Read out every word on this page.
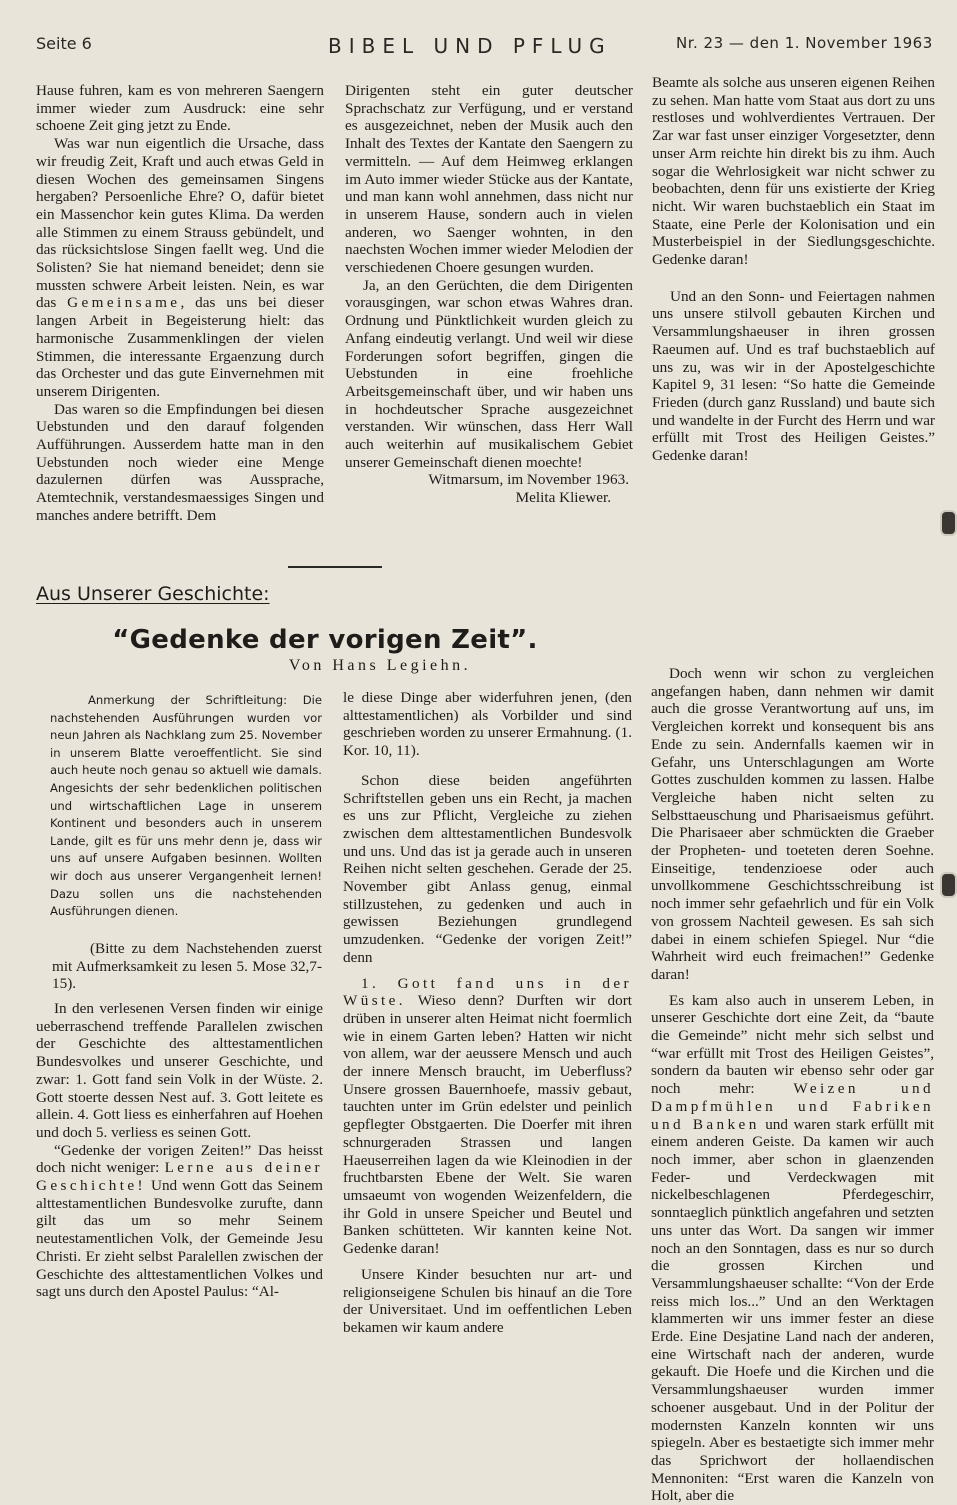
Seite 6	BIBEL UND PFLUG	Nr. 23 — den 1. November 1963

Hause fuhren, kam es von mehreren Saengern immer wieder zum Ausdruck: eine sehr schoene Zeit ging jetzt zu Ende.

Was war nun eigentlich die Ursache, dass wir freudig Zeit, Kraft und auch etwas Geld in diesen Wochen des gemeinsamen Singens hergaben? Persoenliche Ehre? O, dafür bietet ein Massenchor kein gutes Klima. Da werden alle Stimmen zu einem Strauss gebündelt, und das rücksichtslose Singen faellt weg. Und die Solisten? Sie hat niemand beneidet; denn sie mussten schwere Arbeit leisten. Nein, es war das Gemeinsame, das uns bei dieser langen Arbeit in Begeisterung hielt: das harmonische Zusammenklingen der vielen Stimmen, die interessante Ergaenzung durch das Orchester und das gute Einvernehmen mit unserem Dirigenten.

Das waren so die Empfindungen bei diesen Uebstunden und den darauf folgenden Aufführungen. Ausserdem hatte man in den Uebstunden noch wieder eine Menge dazulernen dürfen was Aussprache, Atemtechnik, verstandesmaessiges Singen und manches andere betrifft. Dem

Dirigenten steht ein guter deutscher Sprachschatz zur Verfügung, und er verstand es ausgezeichnet, neben der Musik auch den Inhalt des Textes der Kantate den Saengern zu vermitteln. — Auf dem Heimweg erklangen im Auto immer wieder Stücke aus der Kantate, und man kann wohl annehmen, dass nicht nur in unserem Hause, sondern auch in vielen anderen, wo Saenger wohnten, in den naechsten Wochen immer wieder Melodien der verschiedenen Choere gesungen wurden.

Ja, an den Gerüchten, die dem Dirigenten vorausgingen, war schon etwas Wahres dran. Ordnung und Pünktlichkeit wurden gleich zu Anfang eindeutig verlangt. Und weil wir diese Forderungen sofort begriffen, gingen die Uebstunden in eine froehliche Arbeitsgemeinschaft über, und wir haben uns in hochdeutscher Sprache ausgezeichnet verstanden. Wir wünschen, dass Herr Wall auch weiterhin auf musikalischem Gebiet unserer Gemeinschaft dienen moechte!

Witmarsum, im November 1963.

Melita Kliewer.

Beamte als solche aus unseren eigenen Reihen zu sehen. Man hatte vom Staat aus dort zu uns restloses und wohlverdientes Vertrauen. Der Zar war fast unser einziger Vorgesetzter, denn unser Arm reichte hin direkt bis zu ihm. Auch sogar die Wehrlosigkeit war nicht schwer zu beobachten, denn für uns existierte der Krieg nicht. Wir waren buchstaeblich ein Staat im Staate, eine Perle der Kolonisation und ein Musterbeispiel in der Siedlungsgeschichte. Gedenke daran!

Und an den Sonn- und Feiertagen nahmen uns unsere stilvoll gebauten Kirchen und Versammlungshaeuser in ihren grossen Raeumen auf. Und es traf buchstaeblich auf uns zu, was wir in der Apostelgeschichte Kapitel 9, 31 lesen: “So hatte die Gemeinde Frieden (durch ganz Russland) und baute sich und wandelte in der Furcht des Herrn und war erfüllt mit Trost des Heiligen Geistes.” Gedenke daran!

Aus Unserer Geschichte:
“Gedenke der vorigen Zeit”.
Von Hans Legiehn.
Anmerkung der Schriftleitung: Die nachstehenden Ausführungen wurden vor neun Jahren als Nachklang zum 25. November in unserem Blatte veroeffentlicht. Sie sind auch heute noch genau so aktuell wie damals. Angesichts der sehr bedenklichen politischen und wirtschaftlichen Lage in unserem Kontinent und besonders auch in unserem Lande, gilt es für uns mehr denn je, dass wir uns auf unsere Aufgaben besinnen. Wollten wir doch aus unserer Vergangenheit lernen! Dazu sollen uns die nachstehenden Ausführungen dienen.
(Bitte zu dem Nachstehenden zuerst mit Aufmerksamkeit zu lesen 5. Mose 32,7-15).

In den verlesenen Versen finden wir einige ueberraschend treffende Parallelen zwischen der Geschichte des alttestamentlichen Bundesvolkes und unserer Geschichte, und zwar: 1. Gott fand sein Volk in der Wüste. 2. Gott stoerte dessen Nest auf. 3. Gott leitete es allein. 4. Gott liess es einherfahren auf Hoehen und doch 5. verliess es seinen Gott.

“Gedenke der vorigen Zeiten!” Das heisst doch nicht weniger: Lerne aus deiner Geschichte! Und wenn Gott das Seinem alttestamentlichen Bundesvolke zurufte, dann gilt das um so mehr Seinem neutestamentlichen Volk, der Gemeinde Jesu Christi. Er zieht selbst Paralellen zwischen der Geschichte des alttestamentlichen Volkes und sagt uns durch den Apostel Paulus: “Al-

le diese Dinge aber widerfuhren jenen, (den alttestamentlichen) als Vorbilder und sind geschrieben worden zu unserer Ermahnung. (1. Kor. 10, 11).

Schon diese beiden angeführten Schriftstellen geben uns ein Recht, ja machen es uns zur Pflicht, Vergleiche zu ziehen zwischen dem alttestamentlichen Bundesvolk und uns. Und das ist ja gerade auch in unseren Reihen nicht selten geschehen. Gerade der 25. November gibt Anlass genug, einmal stillzustehen, zu gedenken und auch in gewissen Beziehungen grundlegend umzudenken. “Gedenke der vorigen Zeit!” denn

1. Gott fand uns in der Wüste. Wieso denn? Durften wir dort drüben in unserer alten Heimat nicht foermlich wie in einem Garten leben? Hatten wir nicht von allem, war der aeussere Mensch und auch der innere Mensch braucht, im Ueberfluss? Unsere grossen Bauernhoefe, massiv gebaut, tauchten unter im Grün edelster und peinlich gepflegter Obstgaerten. Die Doerfer mit ihren schnurgeraden Strassen und langen Haeuserreihen lagen da wie Kleinodien in der fruchtbarsten Ebene der Welt. Sie waren umsaeumt von wogenden Weizenfeldern, die ihr Gold in unsere Speicher und Beutel und Banken schütteten. Wir kannten keine Not. Gedenke daran!

Unsere Kinder besuchten nur art- und religionseigene Schulen bis hinauf an die Tore der Universitaet. Und im oeffentlichen Leben bekamen wir kaum andere

Doch wenn wir schon zu vergleichen angefangen haben, dann nehmen wir damit auch die grosse Verantwortung auf uns, im Vergleichen korrekt und konsequent bis ans Ende zu sein. Andernfalls kaemen wir in Gefahr, uns Unterschlagungen am Worte Gottes zuschulden kommen zu lassen. Halbe Vergleiche haben nicht selten zu Selbsttaeuschung und Pharisaeismus geführt. Die Pharisaeer aber schmückten die Graeber der Propheten- und toeteten deren Soehne. Einseitige, tendenzioese oder auch unvollkommene Geschichtsschreibung ist noch immer sehr gefaehrlich und für ein Volk von grossem Nachteil gewesen. Es sah sich dabei in einem schiefen Spiegel. Nur “die Wahrheit wird euch freimachen!” Gedenke daran!

Es kam also auch in unserem Leben, in unserer Geschichte dort eine Zeit, da “baute die Gemeinde” nicht mehr sich selbst und “war erfüllt mit Trost des Heiligen Geistes”, sondern da bauten wir ebenso sehr oder gar noch mehr:	Weizen und Dampfmühlen und Fabriken und Banken und waren stark erfüllt mit einem anderen Geiste. Da kamen wir auch noch immer, aber schon in glaenzenden Feder- und Verdeckwagen mit nickelbeschlagenen Pferdegeschirr, sonntaeglich pünktlich angefahren und setzten uns unter das Wort. Da sangen wir immer noch an den Sonntagen, dass es nur so durch die grossen Kirchen und Versammlungshaeuser schallte: “Von der Erde reiss mich los...” Und an den Werktagen klammerten wir uns immer fester an diese Erde. Eine Desjatine Land nach der anderen, eine Wirtschaft nach der anderen, wurde gekauft. Die Hoefe und die Kirchen und die Versammlungshaeuser wurden immer schoener ausgebaut. Und in der Politur der modernsten Kanzeln konnten wir uns spiegeln. Aber es bestaetigte sich immer mehr das Sprichwort der hollaendischen Mennoniten: “Erst waren die Kanzeln von Holt, aber die
